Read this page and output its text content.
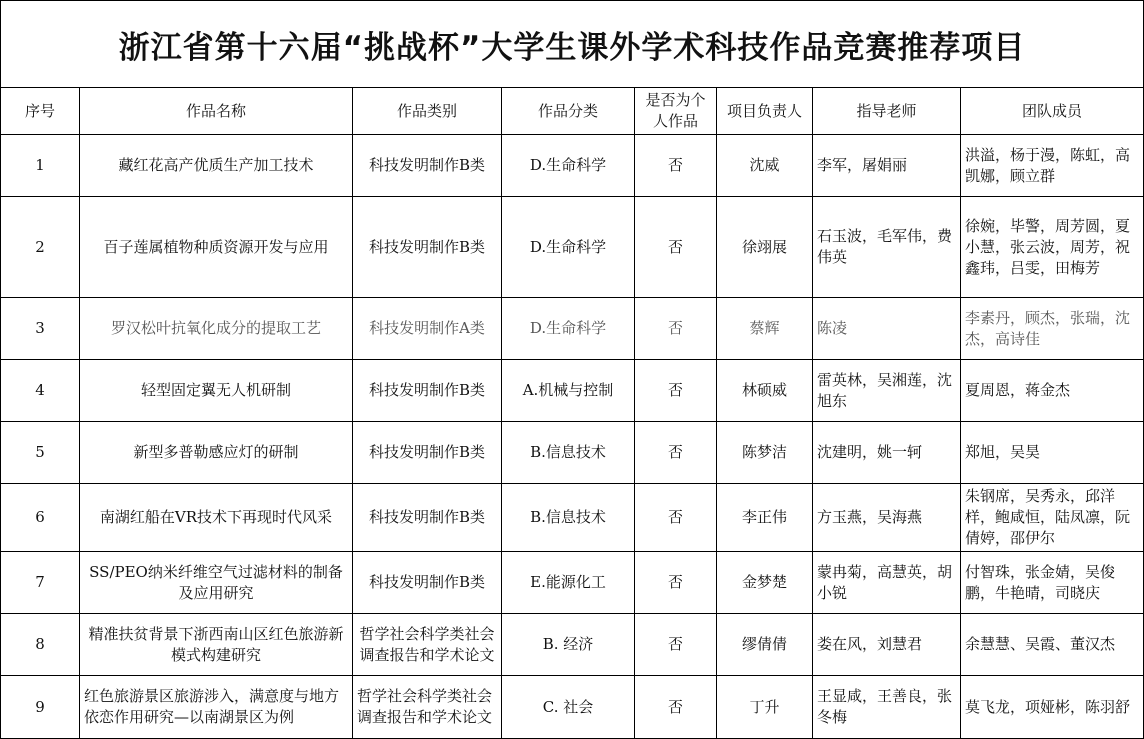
浙江省第十六届“挑战杯”大学生课外学术科技作品竞赛推荐项目
序号	作品名称	作品类别	作品分类	是否为个人作品	项目负责人	指导老师	团队成员
1	藏红花高产优质生产加工技术	科技发明制作B类	D.生命科学	否	沈威	李军，屠娟丽	洪溢，杨于漫，陈虹，高凯娜，顾立群
2	百子莲属植物种质资源开发与应用	科技发明制作B类	D.生命科学	否	徐翊展	石玉波，毛军伟，费伟英	徐婉，毕警，周芳圆，夏小慧，张云波，周芳，祝鑫玮，吕雯，田梅芳
3	罗汉松叶抗氧化成分的提取工艺	科技发明制作A类	D.生命科学	否	蔡辉	陈凌	李素丹，顾杰，张瑞，沈杰，高诗佳
4	轻型固定翼无人机研制	科技发明制作B类	A.机械与控制	否	林硕威	雷英林，吴湘莲，沈旭东	夏周恩，蒋金杰
5	新型多普勒感应灯的研制	科技发明制作B类	B.信息技术	否	陈梦洁	沈建明，姚一轲	郑旭，吴昊
6	南湖红船在VR技术下再现时代风采	科技发明制作B类	B.信息技术	否	李正伟	方玉燕，吴海燕	朱钢席，吴秀永，邱洋样，鲍咸恒，陆凤凛，阮倩婷，邵伊尔
7	SS/PEO纳米纤维空气过滤材料的制备及应用研究	科技发明制作B类	E.能源化工	否	金梦楚	蒙冉菊，高慧英，胡小锐	付智珠，张金婧，吴俊鹏，牛艳晴，司晓庆
8	精准扶贫背景下浙西南山区红色旅游新模式构建研究	哲学社会科学类社会调查报告和学术论文	B. 经济	否	缪倩倩	娄在风，刘慧君	余慧慧、吴霞、董汉杰
9	红色旅游景区旅游涉入，满意度与地方依恋作用研究—以南湖景区为例	哲学社会科学类社会调查报告和学术论文	C. 社会	否	丁升	王显咸，王善良，张冬梅	莫飞龙，项娅彬，陈羽舒
